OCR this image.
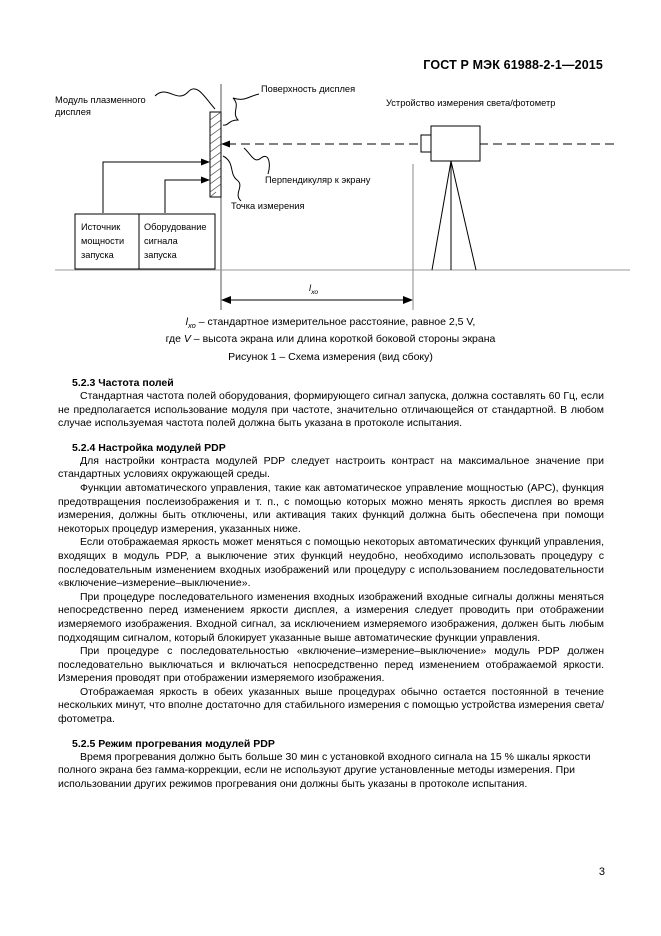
ГОСТ Р МЭК 61988-2-1—2015
Модуль плазменного
дисплея
Поверхность дисплея
Перпендикуляр к экрану
Точка измерения
Устройство измерения света/фотометр
Источник
мощности
запуска
Оборудование
сигнала
запуска
$l_{хо}$
$l_{хо}$ – стандартное измерительное расстояние, равное 2,5 V,
где V – высота экрана или длина короткой боковой стороны экрана
Рисунок 1 – Схема измерения (вид сбоку)
5.2.3 Частота полей

Стандартная частота полей оборудования, формирующего сигнал запуска, должна составлять 60 Гц, если не предполагается использование модуля при частоте, значительно отличающейся от стандартной. В любом случае используемая частота полей должна быть указана в протоколе испытания.

5.2.4 Настройка модулей PDP

Для настройки контраста модулей PDP следует настроить контраст на максимальное значение при стандартных условиях окружающей среды.

Функции автоматического управления, такие как автоматическое управление мощностью (APC), функция предотвращения послеизображения и т. п., с помощью которых можно менять яркость дисплея во время измерения, должны быть отключены, или активация таких функций должна быть обеспечена при помощи некоторых процедур измерения, указанных ниже.

Если отображаемая яркость может меняться с помощью некоторых автоматических функций управления, входящих в модуль PDP, а выключение этих функций неудобно, необходимо использовать процедуру с последовательным изменением входных изображений или процедуру с использованием последовательности «включение–измерение–выключение».

При процедуре последовательного изменения входных изображений входные сигналы должны меняться непосредственно перед изменением яркости дисплея, а измерения следует проводить при отображении измеряемого изображения. Входной сигнал, за исключением измеряемого изображения, должен быть любым подходящим сигналом, который блокирует указанные выше автоматические функции управления.

При процедуре с последовательностью «включение–измерение–выключение» модуль PDP должен последовательно выключаться и включаться непосредственно перед изменением отображаемой яркости. Измерения проводят при отображении измеряемого изображения.

Отображаемая яркость в обеих указанных выше процедурах обычно остается постоянной в течение нескольких минут, что вполне достаточно для стабильного измерения с помощью устройства измерения света/фотометра.

5.2.5 Режим прогревания модулей PDP

Время прогревания должно быть больше 30 мин с установкой входного сигнала на 15 % шкалы яркости полного экрана без гамма-коррекции, если не используют другие установленные методы измерения. При использовании других режимов прогревания они должны быть указаны в протоколе испытания.

3
